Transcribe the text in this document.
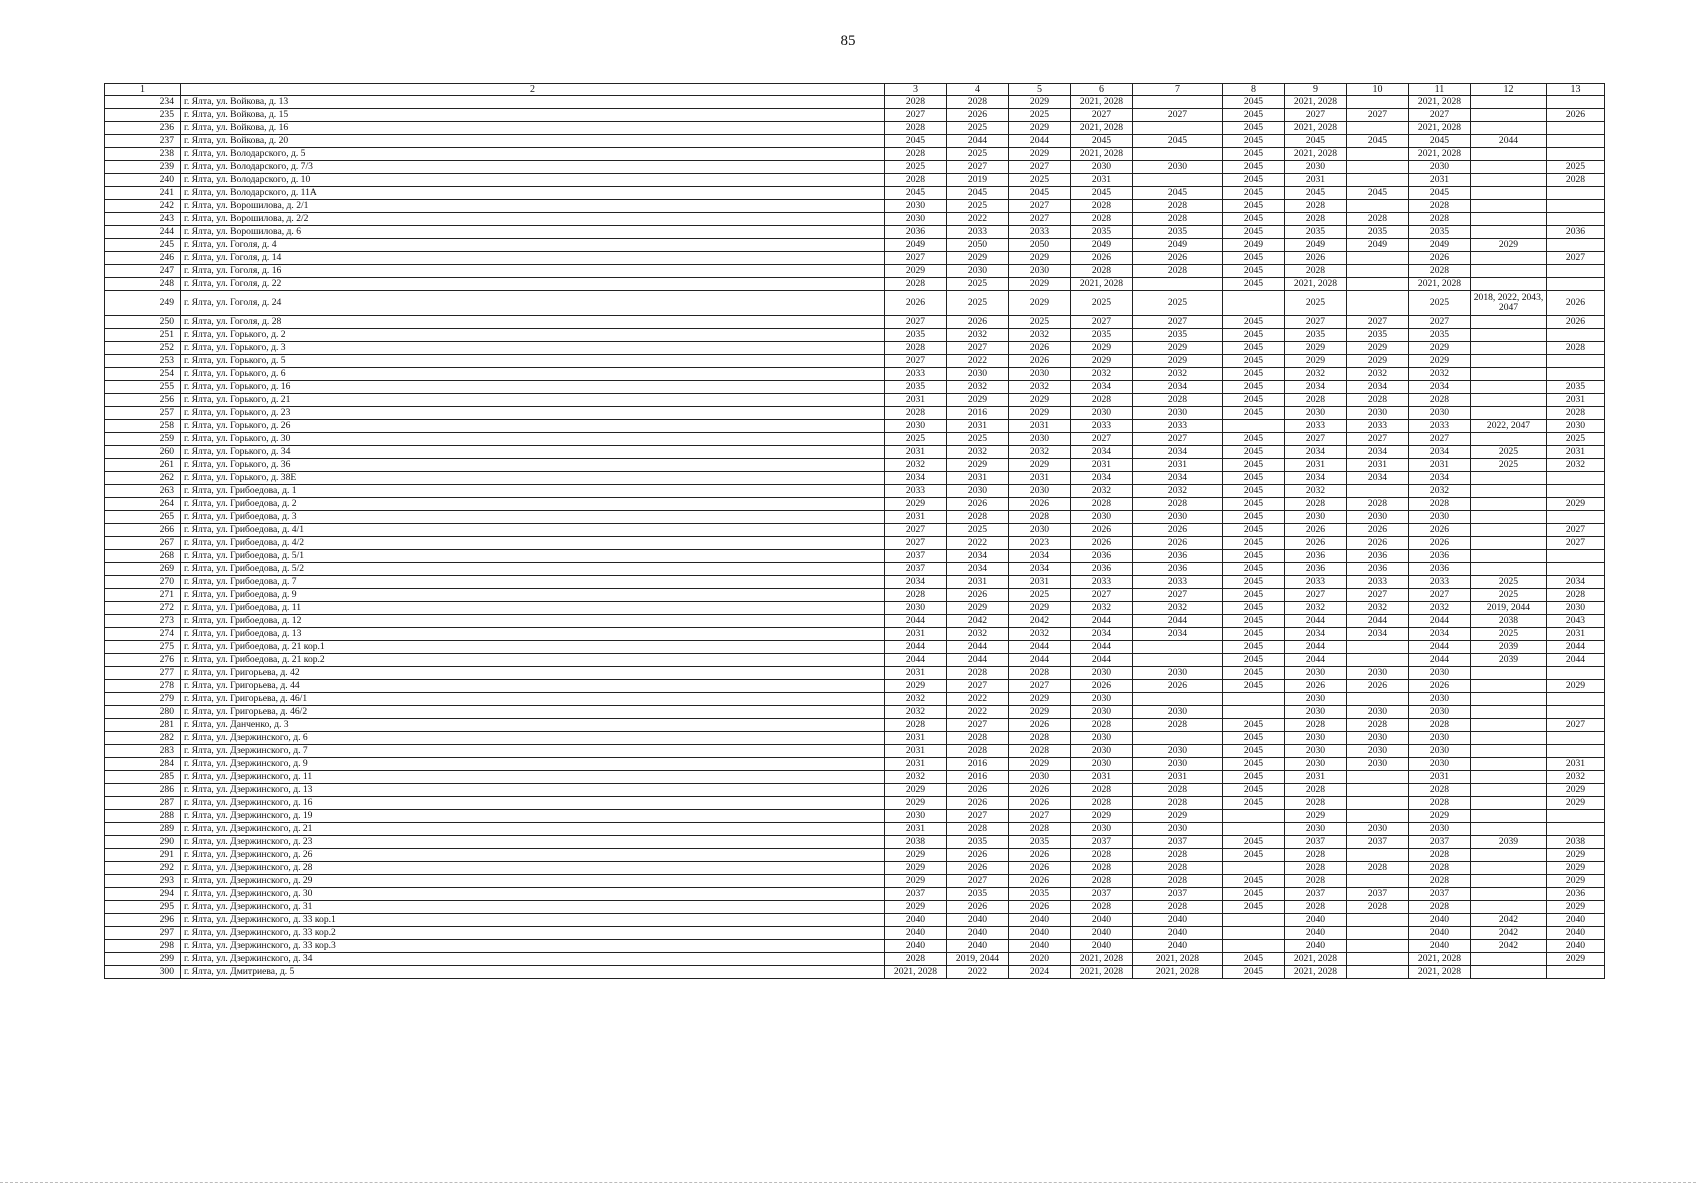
85
1	2	3	4	5	6	7	8	9	10	11	12	13
234	г. Ялта, ул. Войкова, д. 13	2028	2028	2029	2021, 2028		2045	2021, 2028		2021, 2028		
235	г. Ялта, ул. Войкова, д. 15	2027	2026	2025	2027	2027	2045	2027	2027	2027		2026
236	г. Ялта, ул. Войкова, д. 16	2028	2025	2029	2021, 2028		2045	2021, 2028		2021, 2028		
237	г. Ялта, ул. Войкова, д. 20	2045	2044	2044	2045	2045	2045	2045	2045	2045	2044	
238	г. Ялта, ул. Володарского, д. 5	2028	2025	2029	2021, 2028		2045	2021, 2028		2021, 2028		
239	г. Ялта, ул. Володарского, д. 7/3	2025	2027	2027	2030	2030	2045	2030		2030		2025
240	г. Ялта, ул. Володарского, д. 10	2028	2019	2025	2031		2045	2031		2031		2028
241	г. Ялта, ул. Володарского, д. 11А	2045	2045	2045	2045	2045	2045	2045	2045	2045		
242	г. Ялта, ул. Ворошилова, д. 2/1	2030	2025	2027	2028	2028	2045	2028		2028		
243	г. Ялта, ул. Ворошилова, д. 2/2	2030	2022	2027	2028	2028	2045	2028	2028	2028		
244	г. Ялта, ул. Ворошилова, д. 6	2036	2033	2033	2035	2035	2045	2035	2035	2035		2036
245	г. Ялта, ул. Гоголя, д. 4	2049	2050	2050	2049	2049	2049	2049	2049	2049	2029	
246	г. Ялта, ул. Гоголя, д. 14	2027	2029	2029	2026	2026	2045	2026		2026		2027
247	г. Ялта, ул. Гоголя, д. 16	2029	2030	2030	2028	2028	2045	2028		2028		
248	г. Ялта, ул. Гоголя, д. 22	2028	2025	2029	2021, 2028		2045	2021, 2028		2021, 2028		
249	г. Ялта, ул. Гоголя, д. 24	2026	2025	2029	2025	2025		2025		2025	2018, 2022, 2043, 2047	2026
250	г. Ялта, ул. Гоголя, д. 28	2027	2026	2025	2027	2027	2045	2027	2027	2027		2026
251	г. Ялта, ул. Горького, д. 2	2035	2032	2032	2035	2035	2045	2035	2035	2035		
252	г. Ялта, ул. Горького, д. 3	2028	2027	2026	2029	2029	2045	2029	2029	2029		2028
253	г. Ялта, ул. Горького, д. 5	2027	2022	2026	2029	2029	2045	2029	2029	2029		
254	г. Ялта, ул. Горького, д. 6	2033	2030	2030	2032	2032	2045	2032	2032	2032		
255	г. Ялта, ул. Горького, д. 16	2035	2032	2032	2034	2034	2045	2034	2034	2034		2035
256	г. Ялта, ул. Горького, д. 21	2031	2029	2029	2028	2028	2045	2028	2028	2028		2031
257	г. Ялта, ул. Горького, д. 23	2028	2016	2029	2030	2030	2045	2030	2030	2030		2028
258	г. Ялта, ул. Горького, д. 26	2030	2031	2031	2033	2033		2033	2033	2033	2022, 2047	2030
259	г. Ялта, ул. Горького, д. 30	2025	2025	2030	2027	2027	2045	2027	2027	2027		2025
260	г. Ялта, ул. Горького, д. 34	2031	2032	2032	2034	2034	2045	2034	2034	2034	2025	2031
261	г. Ялта, ул. Горького, д. 36	2032	2029	2029	2031	2031	2045	2031	2031	2031	2025	2032
262	г. Ялта, ул. Горького, д. 38Е	2034	2031	2031	2034	2034	2045	2034	2034	2034		
263	г. Ялта, ул. Грибоедова, д. 1	2033	2030	2030	2032	2032	2045	2032		2032		
264	г. Ялта, ул. Грибоедова, д. 2	2029	2026	2026	2028	2028	2045	2028	2028	2028		2029
265	г. Ялта, ул. Грибоедова, д. 3	2031	2028	2028	2030	2030	2045	2030	2030	2030		
266	г. Ялта, ул. Грибоедова, д. 4/1	2027	2025	2030	2026	2026	2045	2026	2026	2026		2027
267	г. Ялта, ул. Грибоедова, д. 4/2	2027	2022	2023	2026	2026	2045	2026	2026	2026		2027
268	г. Ялта, ул. Грибоедова, д. 5/1	2037	2034	2034	2036	2036	2045	2036	2036	2036		
269	г. Ялта, ул. Грибоедова, д. 5/2	2037	2034	2034	2036	2036	2045	2036	2036	2036		
270	г. Ялта, ул. Грибоедова, д. 7	2034	2031	2031	2033	2033	2045	2033	2033	2033	2025	2034
271	г. Ялта, ул. Грибоедова, д. 9	2028	2026	2025	2027	2027	2045	2027	2027	2027	2025	2028
272	г. Ялта, ул. Грибоедова, д. 11	2030	2029	2029	2032	2032	2045	2032	2032	2032	2019, 2044	2030
273	г. Ялта, ул. Грибоедова, д. 12	2044	2042	2042	2044	2044	2045	2044	2044	2044	2038	2043
274	г. Ялта, ул. Грибоедова, д. 13	2031	2032	2032	2034	2034	2045	2034	2034	2034	2025	2031
275	г. Ялта, ул. Грибоедова, д. 21 кор.1	2044	2044	2044	2044		2045	2044		2044	2039	2044
276	г. Ялта, ул. Грибоедова, д. 21 кор.2	2044	2044	2044	2044		2045	2044		2044	2039	2044
277	г. Ялта, ул. Григорьева, д. 42	2031	2028	2028	2030	2030	2045	2030	2030	2030		
278	г. Ялта, ул. Григорьева, д. 44	2029	2027	2027	2026	2026	2045	2026	2026	2026		2029
279	г. Ялта, ул. Григорьева, д. 46/1	2032	2022	2029	2030			2030		2030		
280	г. Ялта, ул. Григорьева, д. 46/2	2032	2022	2029	2030	2030		2030	2030	2030		
281	г. Ялта, ул. Данченко, д. 3	2028	2027	2026	2028	2028	2045	2028	2028	2028		2027
282	г. Ялта, ул. Дзержинского, д. 6	2031	2028	2028	2030		2045	2030	2030	2030		
283	г. Ялта, ул. Дзержинского, д. 7	2031	2028	2028	2030	2030	2045	2030	2030	2030		
284	г. Ялта, ул. Дзержинского, д. 9	2031	2016	2029	2030	2030	2045	2030	2030	2030		2031
285	г. Ялта, ул. Дзержинского, д. 11	2032	2016	2030	2031	2031	2045	2031		2031		2032
286	г. Ялта, ул. Дзержинского, д. 13	2029	2026	2026	2028	2028	2045	2028		2028		2029
287	г. Ялта, ул. Дзержинского, д. 16	2029	2026	2026	2028	2028	2045	2028		2028		2029
288	г. Ялта, ул. Дзержинского, д. 19	2030	2027	2027	2029	2029		2029		2029		
289	г. Ялта, ул. Дзержинского, д. 21	2031	2028	2028	2030	2030		2030	2030	2030		
290	г. Ялта, ул. Дзержинского, д. 23	2038	2035	2035	2037	2037	2045	2037	2037	2037	2039	2038
291	г. Ялта, ул. Дзержинского, д. 26	2029	2026	2026	2028	2028	2045	2028		2028		2029
292	г. Ялта, ул. Дзержинского, д. 28	2029	2026	2026	2028	2028		2028	2028	2028		2029
293	г. Ялта, ул. Дзержинского, д. 29	2029	2027	2026	2028	2028	2045	2028		2028		2029
294	г. Ялта, ул. Дзержинского, д. 30	2037	2035	2035	2037	2037	2045	2037	2037	2037		2036
295	г. Ялта, ул. Дзержинского, д. 31	2029	2026	2026	2028	2028	2045	2028	2028	2028		2029
296	г. Ялта, ул. Дзержинского, д. 33 кор.1	2040	2040	2040	2040	2040		2040		2040	2042	2040
297	г. Ялта, ул. Дзержинского, д. 33 кор.2	2040	2040	2040	2040	2040		2040		2040	2042	2040
298	г. Ялта, ул. Дзержинского, д. 33 кор.3	2040	2040	2040	2040	2040		2040		2040	2042	2040
299	г. Ялта, ул. Дзержинского, д. 34	2028	2019, 2044	2020	2021, 2028	2021, 2028	2045	2021, 2028		2021, 2028		2029
300	г. Ялта, ул. Дмитриева, д. 5	2021, 2028	2022	2024	2021, 2028	2021, 2028	2045	2021, 2028		2021, 2028		
